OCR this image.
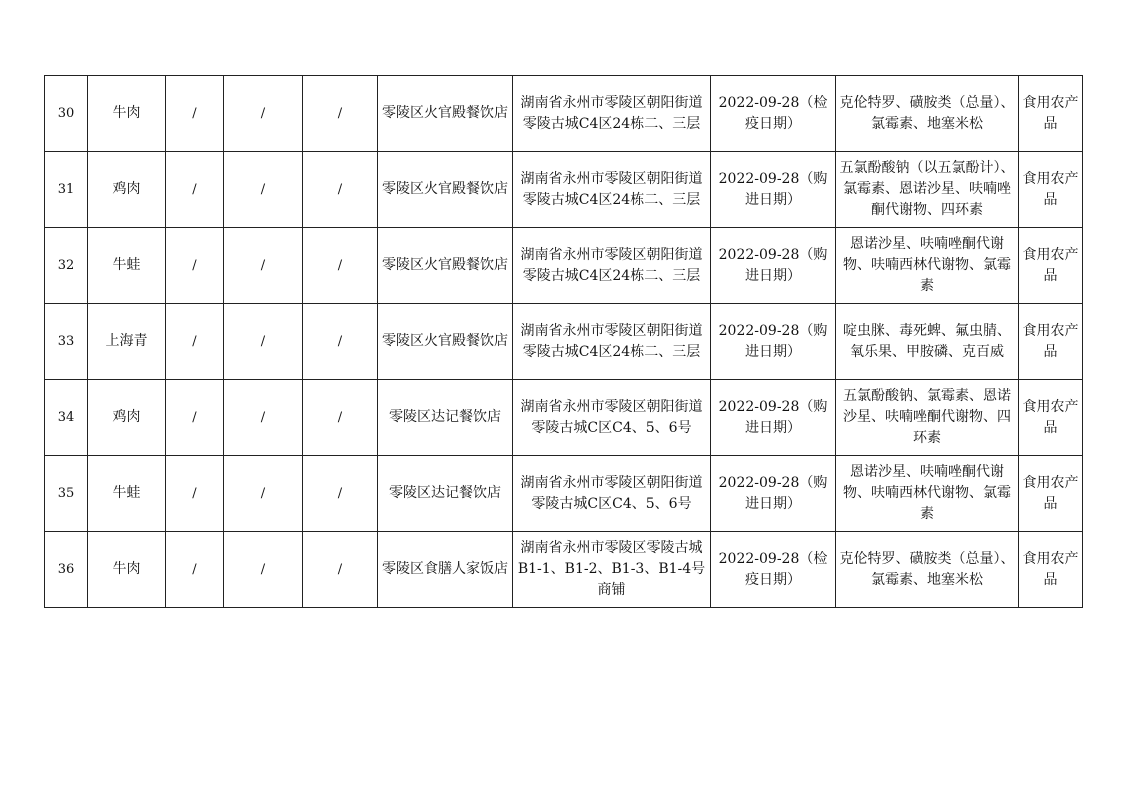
30	牛肉	/	/	/	零陵区火官殿餐饮店	湖南省永州市零陵区朝阳街道零陵古城C4区24栋二、三层	2022-09-28（检疫日期）	克伦特罗、磺胺类（总量）、氯霉素、地塞米松	食用农产品
31	鸡肉	/	/	/	零陵区火官殿餐饮店	湖南省永州市零陵区朝阳街道零陵古城C4区24栋二、三层	2022-09-28（购进日期）	五氯酚酸钠（以五氯酚计）、氯霉素、恩诺沙星、呋喃唑酮代谢物、四环素	食用农产品
32	牛蛙	/	/	/	零陵区火官殿餐饮店	湖南省永州市零陵区朝阳街道零陵古城C4区24栋二、三层	2022-09-28（购进日期）	恩诺沙星、呋喃唑酮代谢物、呋喃西林代谢物、氯霉素	食用农产品
33	上海青	/	/	/	零陵区火官殿餐饮店	湖南省永州市零陵区朝阳街道零陵古城C4区24栋二、三层	2022-09-28（购进日期）	啶虫脒、毒死蜱、氟虫腈、氧乐果、甲胺磷、克百威	食用农产品
34	鸡肉	/	/	/	零陵区达记餐饮店	湖南省永州市零陵区朝阳街道零陵古城C区C4、5、6号	2022-09-28（购进日期）	五氯酚酸钠、氯霉素、恩诺沙星、呋喃唑酮代谢物、四环素	食用农产品
35	牛蛙	/	/	/	零陵区达记餐饮店	湖南省永州市零陵区朝阳街道零陵古城C区C4、5、6号	2022-09-28（购进日期）	恩诺沙星、呋喃唑酮代谢物、呋喃西林代谢物、氯霉素	食用农产品
36	牛肉	/	/	/	零陵区食膳人家饭店	湖南省永州市零陵区零陵古城B1-1、B1-2、B1-3、B1-4号商铺	2022-09-28（检疫日期）	克伦特罗、磺胺类（总量）、氯霉素、地塞米松	食用农产品
